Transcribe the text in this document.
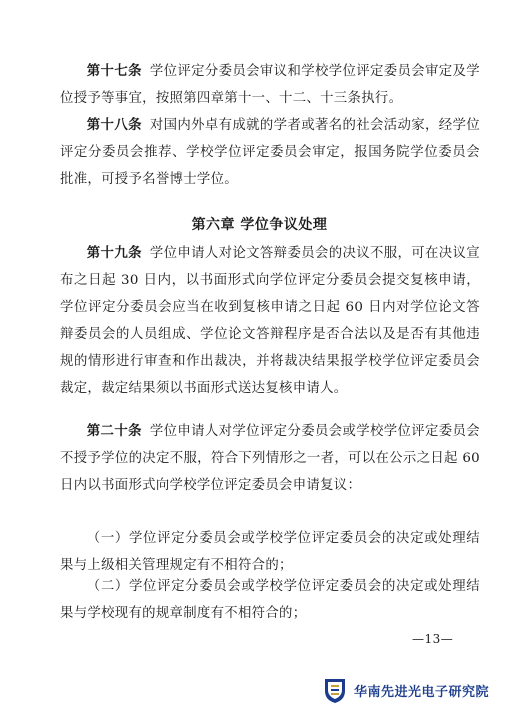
第十七条 学位评定分委员会审议和学校学位评定委员会审定及学位授予等事宜，按照第四章第十一、十二、十三条执行。

第十八条 对国内外卓有成就的学者或著名的社会活动家，经学位评定分委员会推荐、学校学位评定委员会审定，报国务院学位委员会批准，可授予名誉博士学位。

第六章 学位争议处理

第十九条 学位申请人对论文答辩委员会的决议不服，可在决议宣布之日起 30 日内，以书面形式向学位评定分委员会提交复核申请，学位评定分委员会应当在收到复核申请之日起 60 日内对学位论文答辩委员会的人员组成、学位论文答辩程序是否合法以及是否有其他违规的情形进行审查和作出裁决，并将裁决结果报学校学位评定委员会裁定，裁定结果须以书面形式送达复核申请人。

第二十条 学位申请人对学位评定分委员会或学校学位评定委员会不授予学位的决定不服，符合下列情形之一者，可以在公示之日起 60 日内以书面形式向学校学位评定委员会申请复议：

（一）学位评定分委员会或学校学位评定委员会的决定或处理结果与上级相关管理规定有不相符合的；

（二）学位评定分委员会或学校学位评定委员会的决定或处理结果与学校现有的规章制度有不相符合的；

—13—
华南先进光电子研究院
